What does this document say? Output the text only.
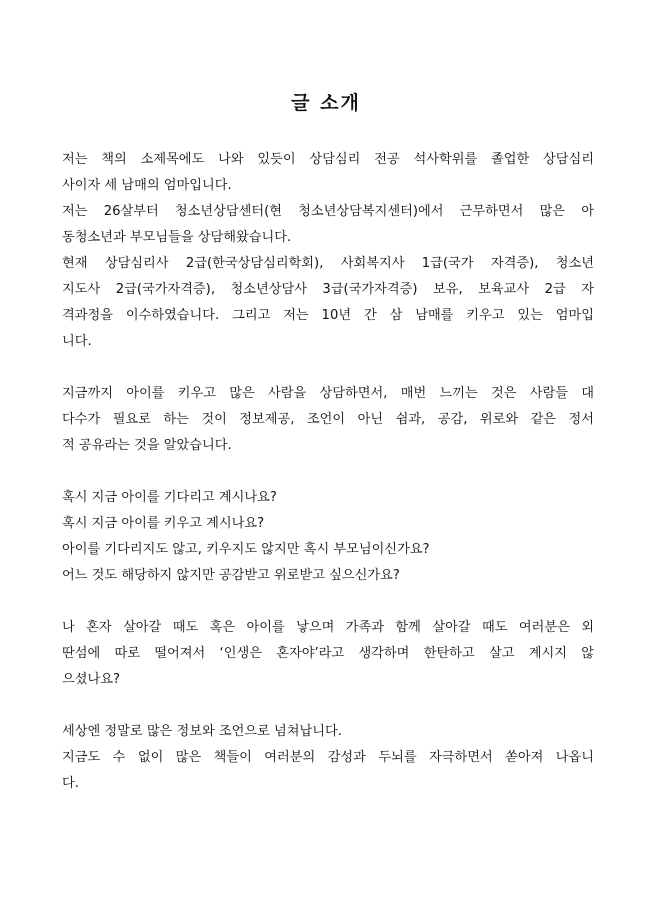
글 소개
저는 책의 소제목에도 나와 있듯이 상담심리 전공 석사학위를 졸업한 상담심리
사이자 세 남매의 엄마입니다.
저는 26살부터 청소년상담센터(현 청소년상담복지센터)에서 근무하면서 많은 아
동청소년과 부모님들을 상담해왔습니다.
현재 상담심리사 2급(한국상담심리학회), 사회복지사 1급(국가 자격증), 청소년
지도사 2급(국가자격증), 청소년상담사 3급(국가자격증) 보유, 보육교사 2급 자
격과정을 이수하였습니다. 그리고 저는 10년 간 삼 남매를 키우고 있는 엄마입
니다.
지금까지 아이를 키우고 많은 사람을 상담하면서, 매번 느끼는 것은 사람들 대
다수가 필요로 하는 것이 정보제공, 조언이 아닌 쉼과, 공감, 위로와 같은 정서
적 공유라는 것을 알았습니다.
혹시 지금 아이를 기다리고 계시나요?
혹시 지금 아이를 키우고 계시나요?
아이를 기다리지도 않고, 키우지도 않지만 혹시 부모님이신가요?
어느 것도 해당하지 않지만 공감받고 위로받고 싶으신가요?
나 혼자 살아갈 때도 혹은 아이를 낳으며 가족과 함께 살아갈 때도 여러분은 외
딴섬에 따로 떨어져서 ‘인생은 혼자야’라고 생각하며 한탄하고 살고 계시지 않
으셨나요?
세상엔 정말로 많은 정보와 조언으로 넘쳐납니다.
지금도 수 없이 많은 책들이 여러분의 감성과 두뇌를 자극하면서 쏟아져 나옵니
다.
